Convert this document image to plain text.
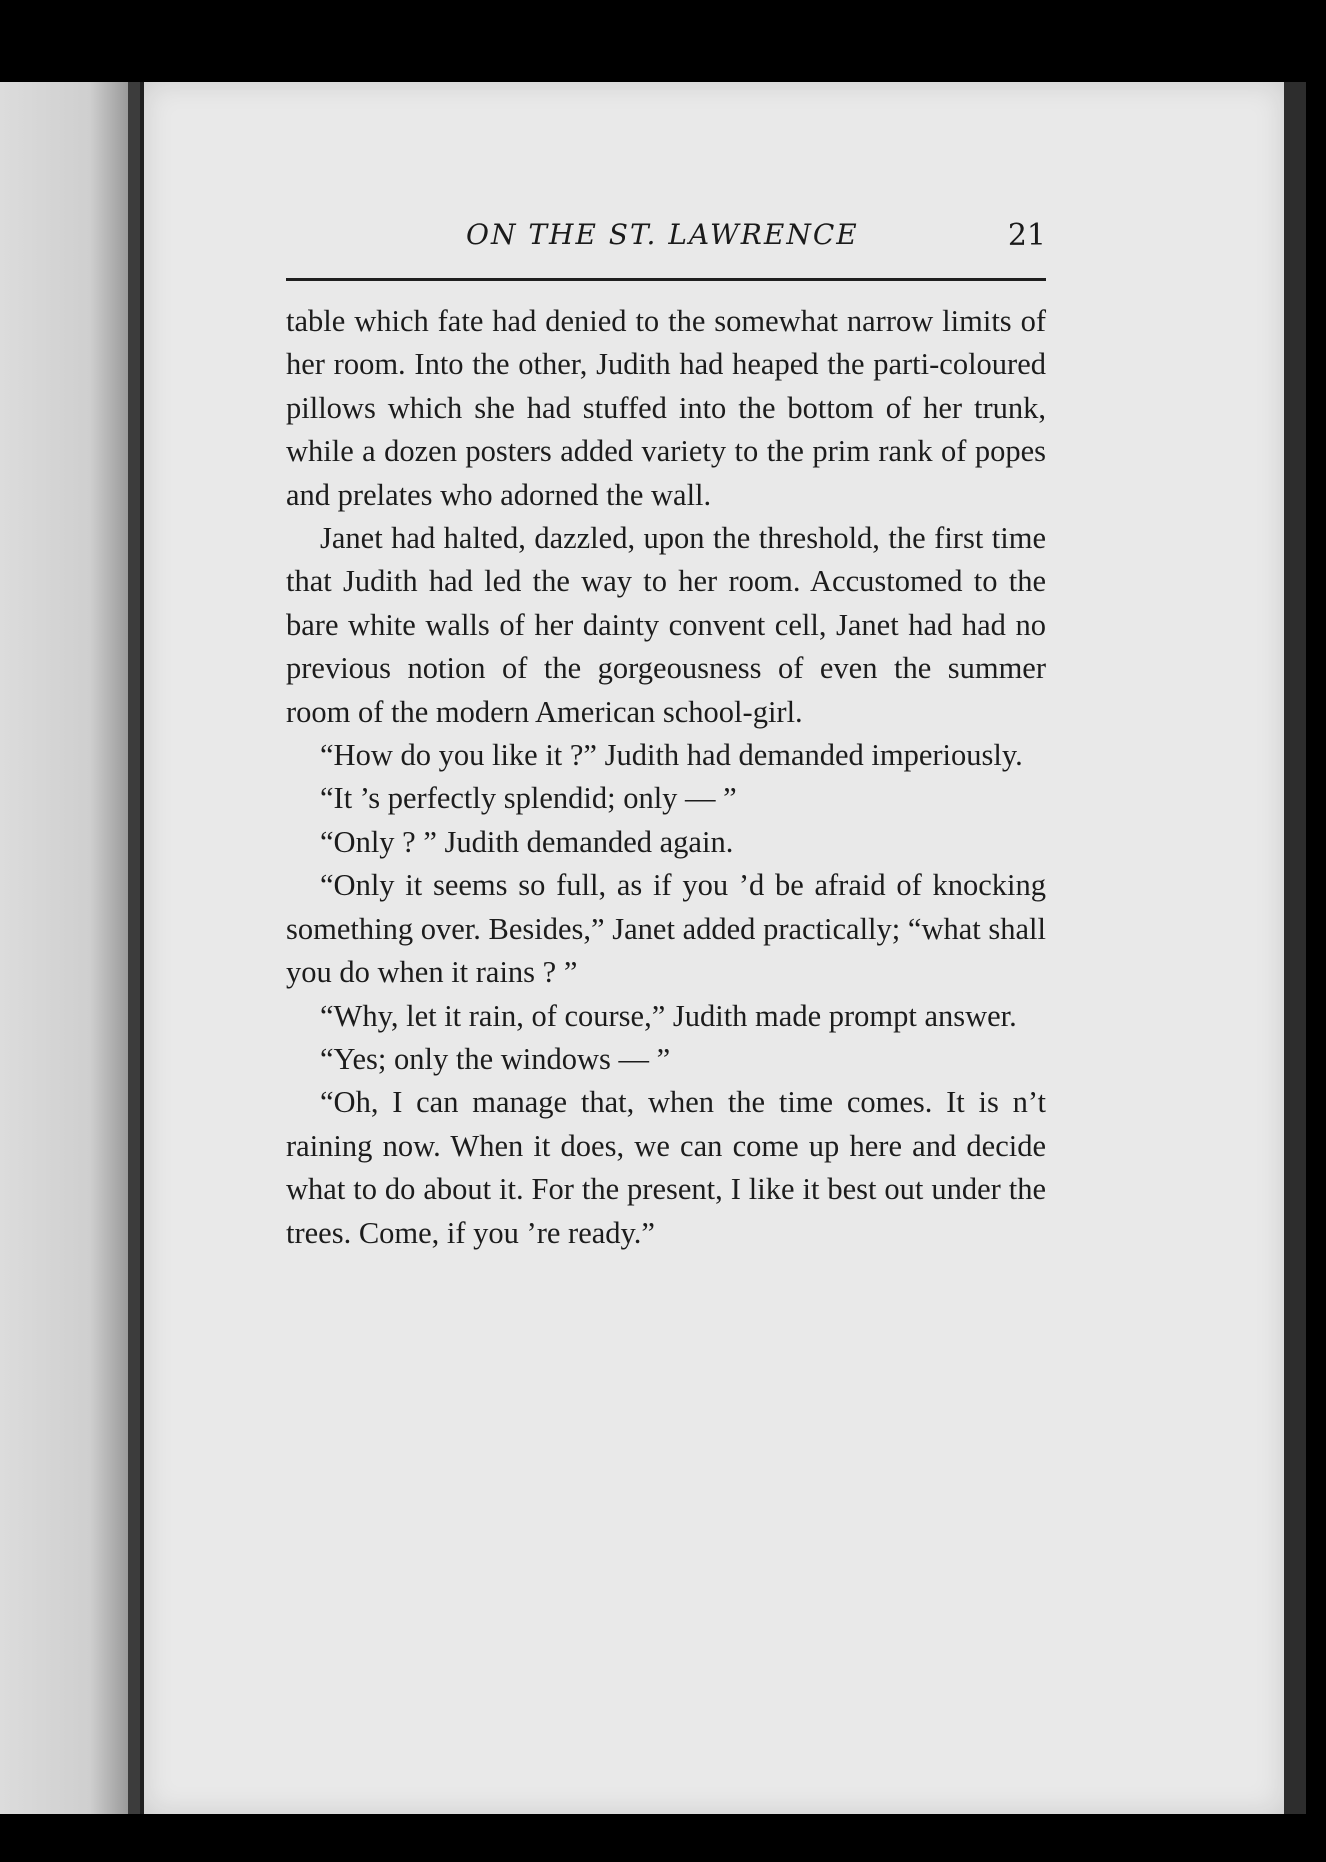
ON THE ST. LAWRENCE	21

table which fate had denied to the somewhat narrow limits of her room. Into the other, Judith had heaped the parti-coloured pillows which she had stuffed into the bottom of her trunk, while a dozen posters added variety to the prim rank of popes and prelates who adorned the wall.

Janet had halted, dazzled, upon the threshold, the first time that Judith had led the way to her room. Accustomed to the bare white walls of her dainty convent cell, Janet had had no previous notion of the gorgeousness of even the summer room of the modern American school-girl.

“How do you like it ?” Judith had demanded imperiously.

“It ’s perfectly splendid; only — ”

“Only ? ” Judith demanded again.

“Only it seems so full, as if you ’d be afraid of knocking something over. Besides,” Janet added practically; “what shall you do when it rains ? ”

“Why, let it rain, of course,” Judith made prompt answer.

“Yes; only the windows — ”

“Oh, I can manage that, when the time comes. It is n’t raining now. When it does, we can come up here and decide what to do about it. For the present, I like it best out under the trees. Come, if you ’re ready.”
